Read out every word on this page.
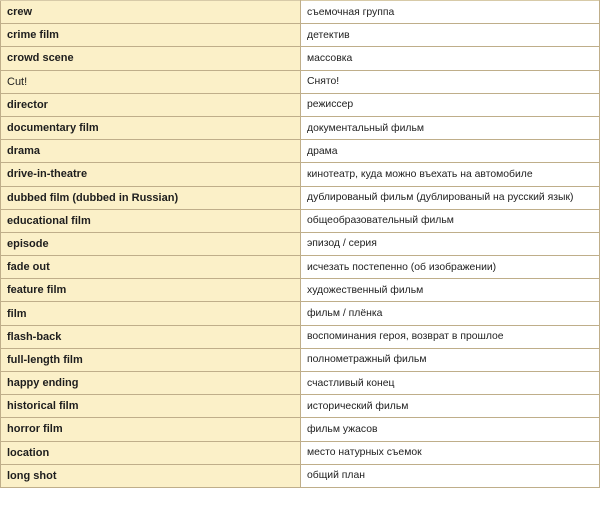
crew	съемочная группа
crime film	детектив
crowd scene	массовка
Cut!	Снято!
director	режиссер
documentary film	документальный фильм
drama	драма
drive-in-theatre	кинотеатр, куда можно въехать на автомобиле
dubbed film (dubbed in Russian)	дублированый фильм (дублированый на русский язык)
educational film	общеобразовательный фильм
episode	эпизод / серия
fade out	исчезать постепенно (об изображении)
feature film	художественный фильм
film	фильм / плёнка
flash-back	воспоминания героя, возврат в прошлое
full-length film	полнометражный фильм
happy ending	счастливый конец
historical film	исторический фильм
horror film	фильм ужасов
location	место натурных съемок
long shot	общий план
